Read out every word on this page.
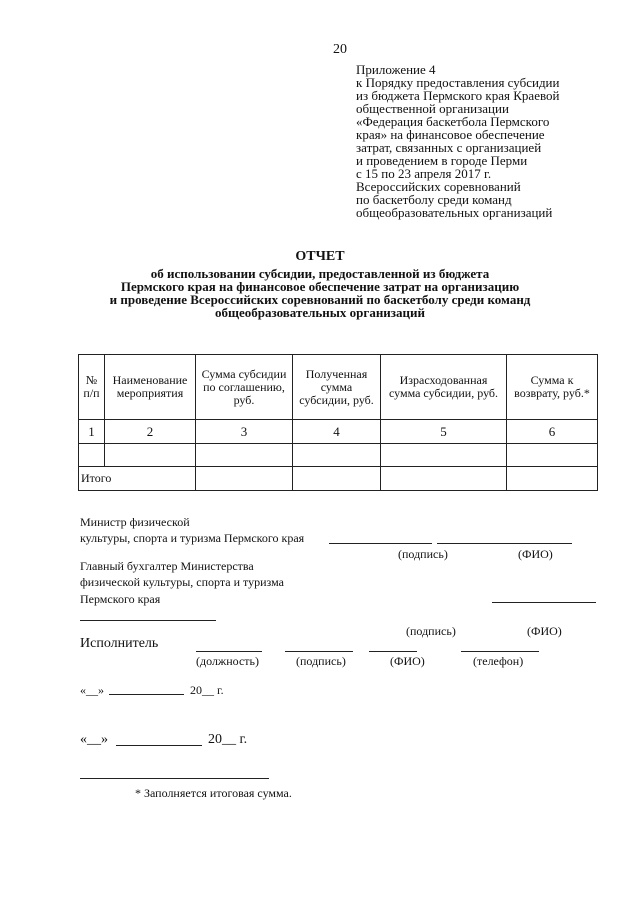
20
Приложение 4
к Порядку предоставления субсидии
из бюджета Пермского края Краевой
общественной организации
«Федерация баскетбола Пермского
края» на финансовое обеспечение
затрат, связанных с организацией
и проведением в городе Перми
с 15 по 23 апреля 2017 г.
Всероссийских соревнований
по баскетболу среди команд
общеобразовательных организаций
ОТЧЕТ
об использовании субсидии, предоставленной из бюджета
Пермского края на финансовое обеспечение затрат на организацию
и проведение Всероссийских соревнований по баскетболу среди команд
общеобразовательных организаций
№ п/п	Наименование мероприятия	Сумма субсидии по соглашению, руб.	Полученная сумма субсидии, руб.	Израсходованная сумма субсидии, руб.	Сумма к возврату, руб.*
1	2	3	4	5	6

Итого					
Министр физической
культуры, спорта и туризма Пермского края
(подпись)	(ФИО)
Главный бухгалтер Министерства
физической культуры, спорта и туризма
Пермского края
(подпись)	(ФИО)
Исполнитель
(должность)	(подпись)	(ФИО)	(телефон)
«__»	20__ г.
«__»	20__ г.
* Заполняется итоговая сумма.
